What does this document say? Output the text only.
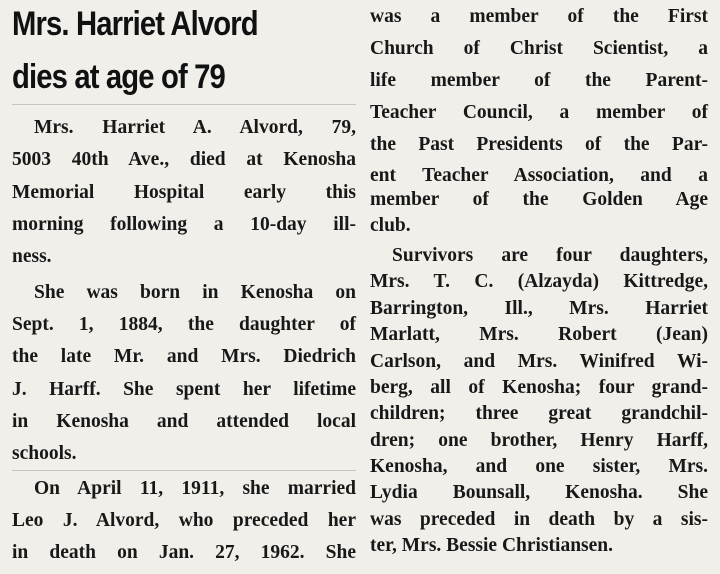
Mrs. Harriet Alvord
dies at age of 79
Mrs. Harriet A. Alvord, 79,
5003 40th Ave., died at Kenosha
Memorial Hospital early this
morning following a 10-day ill-
ness.
She was born in Kenosha on
Sept. 1, 1884, the daughter of
the late Mr. and Mrs. Diedrich
J. Harff. She spent her lifetime
in Kenosha and attended local
schools.
On April 11, 1911, she married
Leo J. Alvord, who preceded her
in death on Jan. 27, 1962. She
was a member of the First
Church of Christ Scientist, a
life member of the Parent-
Teacher Council, a member of
the Past Presidents of the Par-
ent Teacher Association, and a
member of the Golden Age
club.
Survivors are four daughters,
Mrs. T. C. (Alzayda) Kittredge,
Barrington, Ill., Mrs. Harriet
Marlatt, Mrs. Robert (Jean)
Carlson, and Mrs. Winifred Wi-
berg, all of Kenosha; four grand-
children; three great grandchil-
dren; one brother, Henry Harff,
Kenosha, and one sister, Mrs.
Lydia Bounsall, Kenosha. She
was preceded in death by a sis-
ter, Mrs. Bessie Christiansen.
